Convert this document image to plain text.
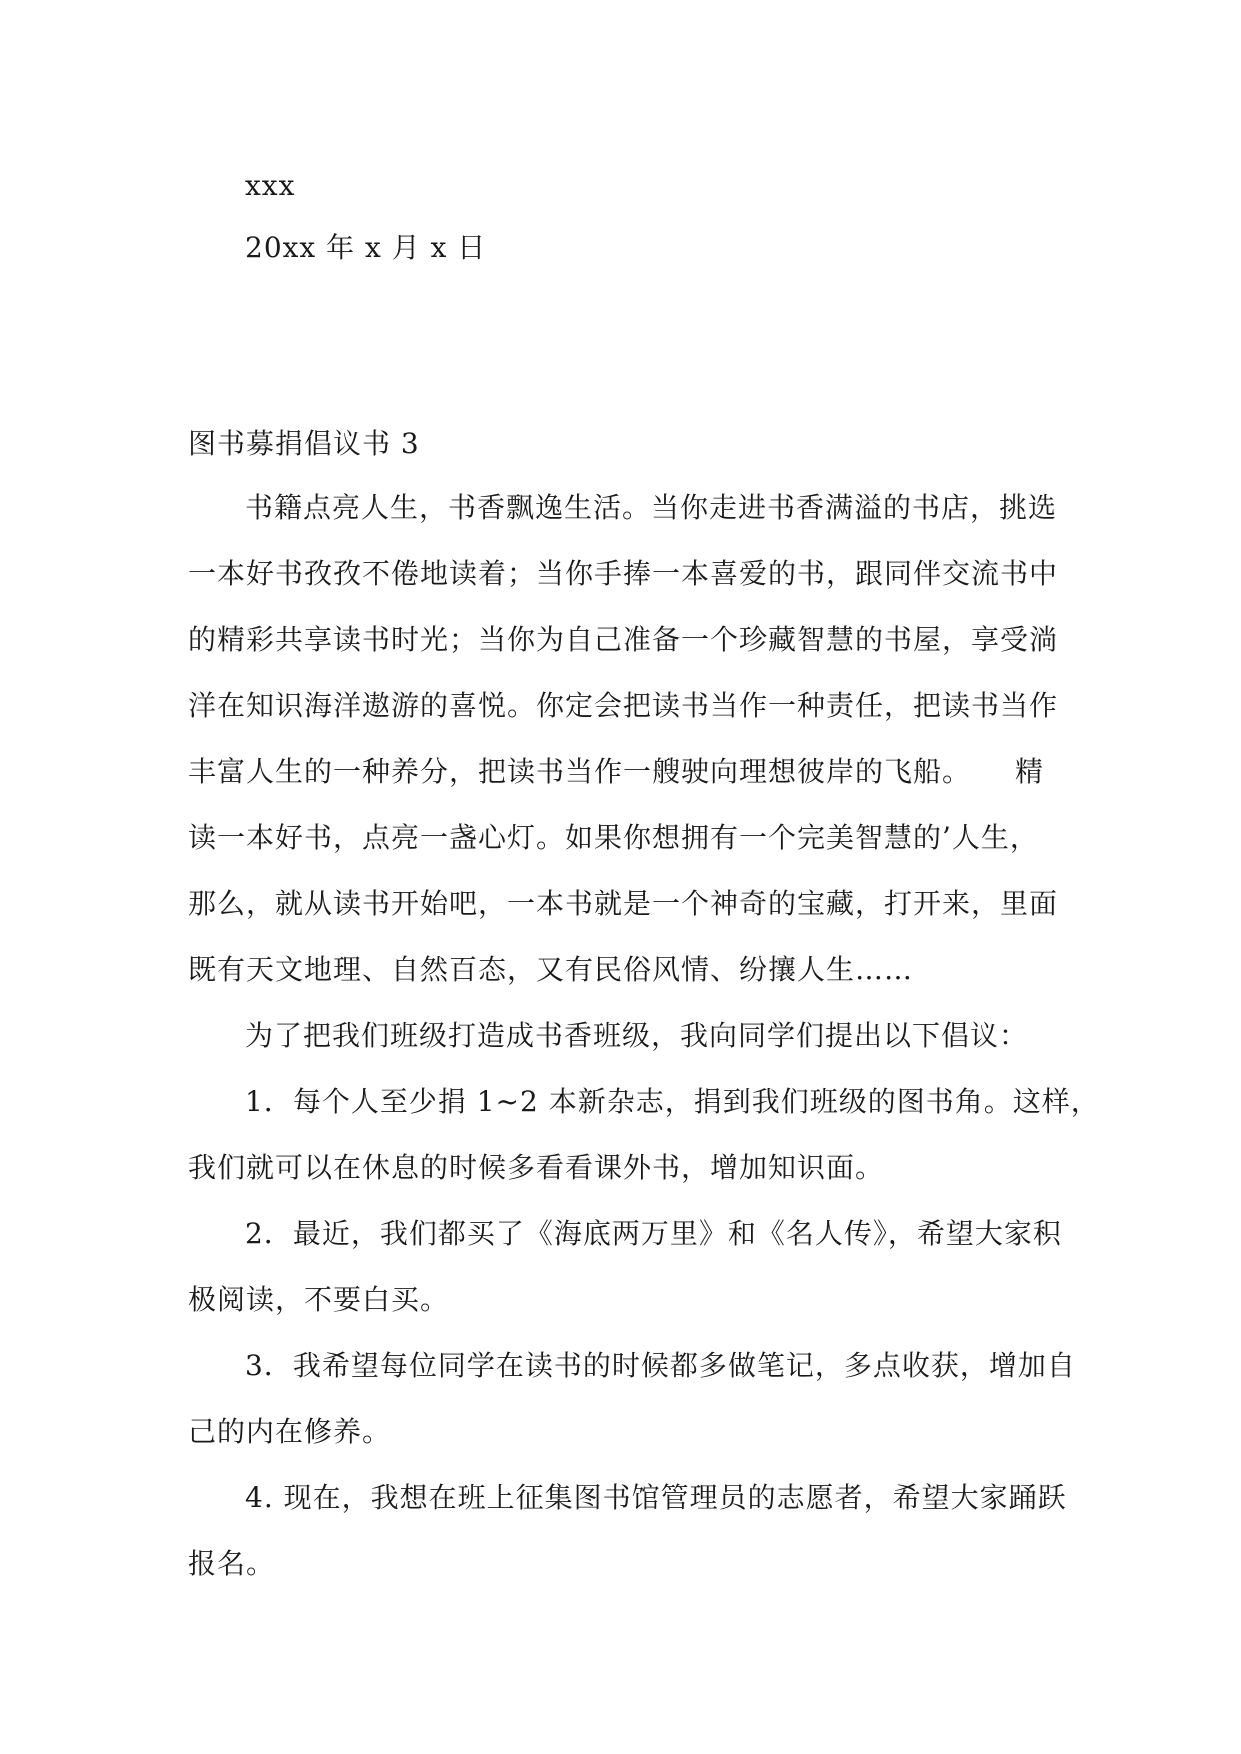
xxx
20xx 年 x 月 x 日
图书募捐倡议书 3
书籍点亮人生，书香飘逸生活。当你走进书香满溢的书店，挑选
一本好书孜孜不倦地读着；当你手捧一本喜爱的书，跟同伴交流书中
的精彩共享读书时光；当你为自己准备一个珍藏智慧的书屋，享受淌
洋在知识海洋遨游的喜悦。你定会把读书当作一种责任，把读书当作
丰富人生的一种养分，把读书当作一艘驶向理想彼岸的飞船。　　精
读一本好书，点亮一盏心灯。如果你想拥有一个完美智慧的’人生，
那么，就从读书开始吧，一本书就是一个神奇的宝藏，打开来，里面
既有天文地理、自然百态，又有民俗风情、纷攘人生……
为了把我们班级打造成书香班级，我向同学们提出以下倡议：
1．每个人至少捐 1~2 本新杂志，捐到我们班级的图书角。这样，
我们就可以在休息的时候多看看课外书，增加知识面。
2．最近，我们都买了《海底两万里》和《名人传》，希望大家积
极阅读，不要白买。
3．我希望每位同学在读书的时候都多做笔记，多点收获，增加自
己的内在修养。
4. 现在，我想在班上征集图书馆管理员的志愿者，希望大家踊跃
报名。
